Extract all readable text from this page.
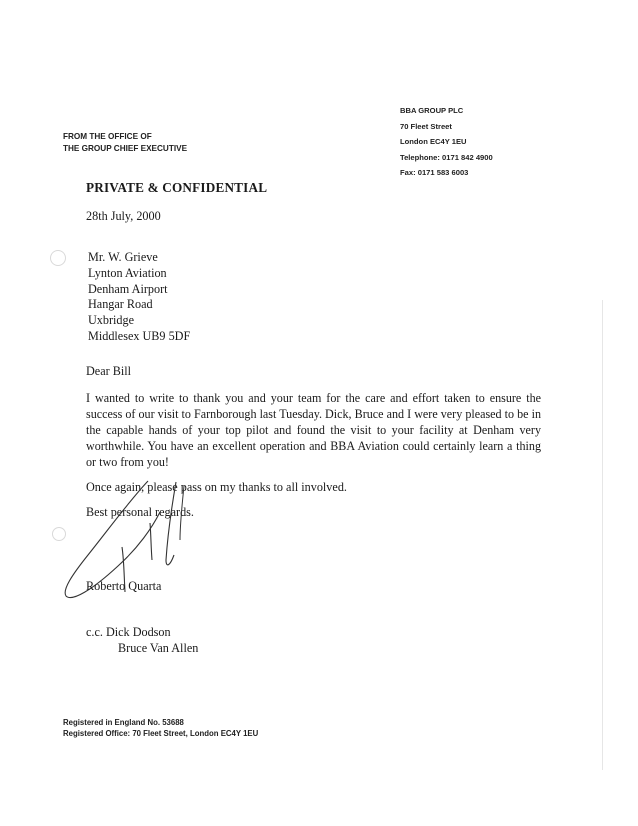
BBA GROUP PLC
70 Fleet Street
London EC4Y 1EU
Telephone: 0171 842 4900
Fax: 0171 583 6003
FROM THE OFFICE OF
THE GROUP CHIEF EXECUTIVE
PRIVATE & CONFIDENTIAL
28th July, 2000
Mr. W. Grieve
Lynton Aviation
Denham Airport
Hangar Road
Uxbridge
Middlesex UB9 5DF
Dear Bill
I wanted to write to thank you and your team for the care and effort taken to ensure the success of our visit to Farnborough last Tuesday. Dick, Bruce and I were very pleased to be in the capable hands of your top pilot and found the visit to your facility at Denham very worthwhile. You have an excellent operation and BBA Aviation could certainly learn a thing or two from you!
Once again, please pass on my thanks to all involved.
Best personal regards.
Roberto Quarta
c.c. Dick Dodson
Bruce Van Allen
Registered in England No. 53688
Registered Office: 70 Fleet Street, London EC4Y 1EU
